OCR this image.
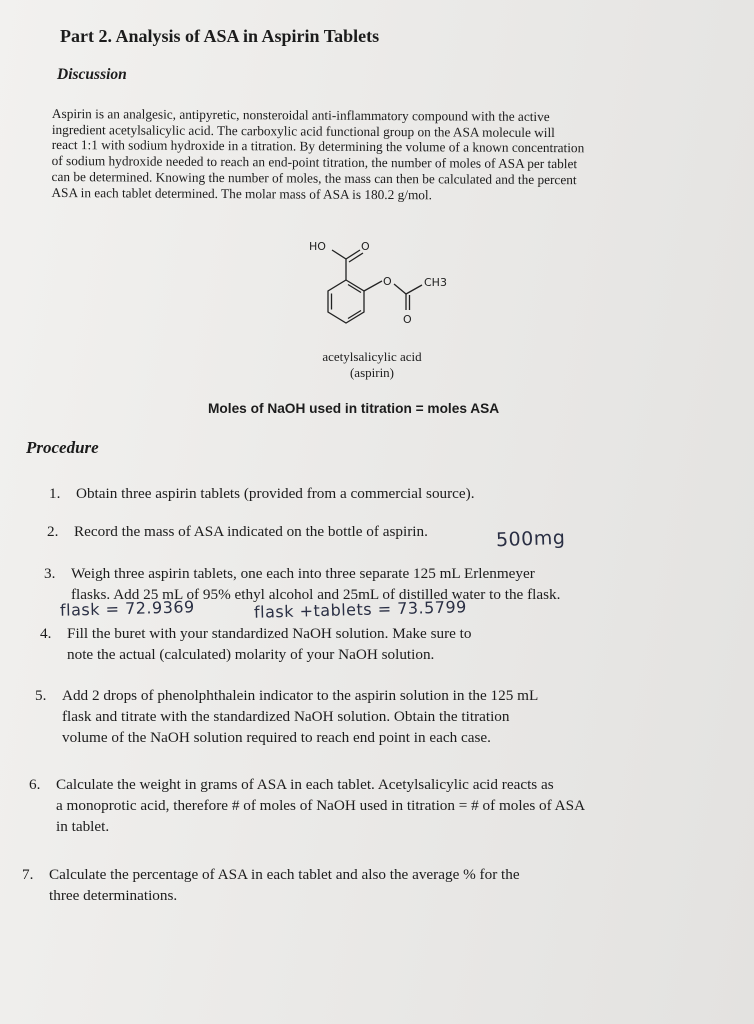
Part 2. Analysis of ASA in Aspirin Tablets
Discussion
Aspirin is an analgesic, antipyretic, nonsteroidal anti-inflammatory compound with the active
ingredient acetylsalicylic acid. The carboxylic acid functional group on the ASA molecule will
react 1:1 with sodium hydroxide in a titration. By determining the volume of a known concentration
of sodium hydroxide needed to reach an end-point titration, the number of moles of ASA per tablet
can be determined. Knowing the number of moles, the mass can then be calculated and the percent
ASA in each tablet determined. The molar mass of ASA is 180.2 g/mol.
HO	O
O	CH3
O
acetylsalicylic acid
(aspirin)
Moles of NaOH used in titration = moles ASA
Procedure
1. Obtain three aspirin tablets (provided from a commercial source).
2. Record the mass of ASA indicated on the bottle of aspirin.
3. Weigh three aspirin tablets, one each into three separate 125 mL Erlenmeyer
flasks. Add 25 mL of 95% ethyl alcohol and 25mL of distilled water to the flask.
4. Fill the buret with your standardized NaOH solution. Make sure to
note the actual (calculated) molarity of your NaOH solution.
5. Add 2 drops of phenolphthalein indicator to the aspirin solution in the 125 mL
flask and titrate with the standardized NaOH solution. Obtain the titration
volume of the NaOH solution required to reach end point in each case.
6. Calculate the weight in grams of ASA in each tablet. Acetylsalicylic acid reacts as
a monoprotic acid, therefore # of moles of NaOH used in titration = # of moles of ASA
in tablet.
7. Calculate the percentage of ASA in each tablet and also the average % for the
three determinations.
500mg
flask = 72.9369	flask +tablets = 73.5799
